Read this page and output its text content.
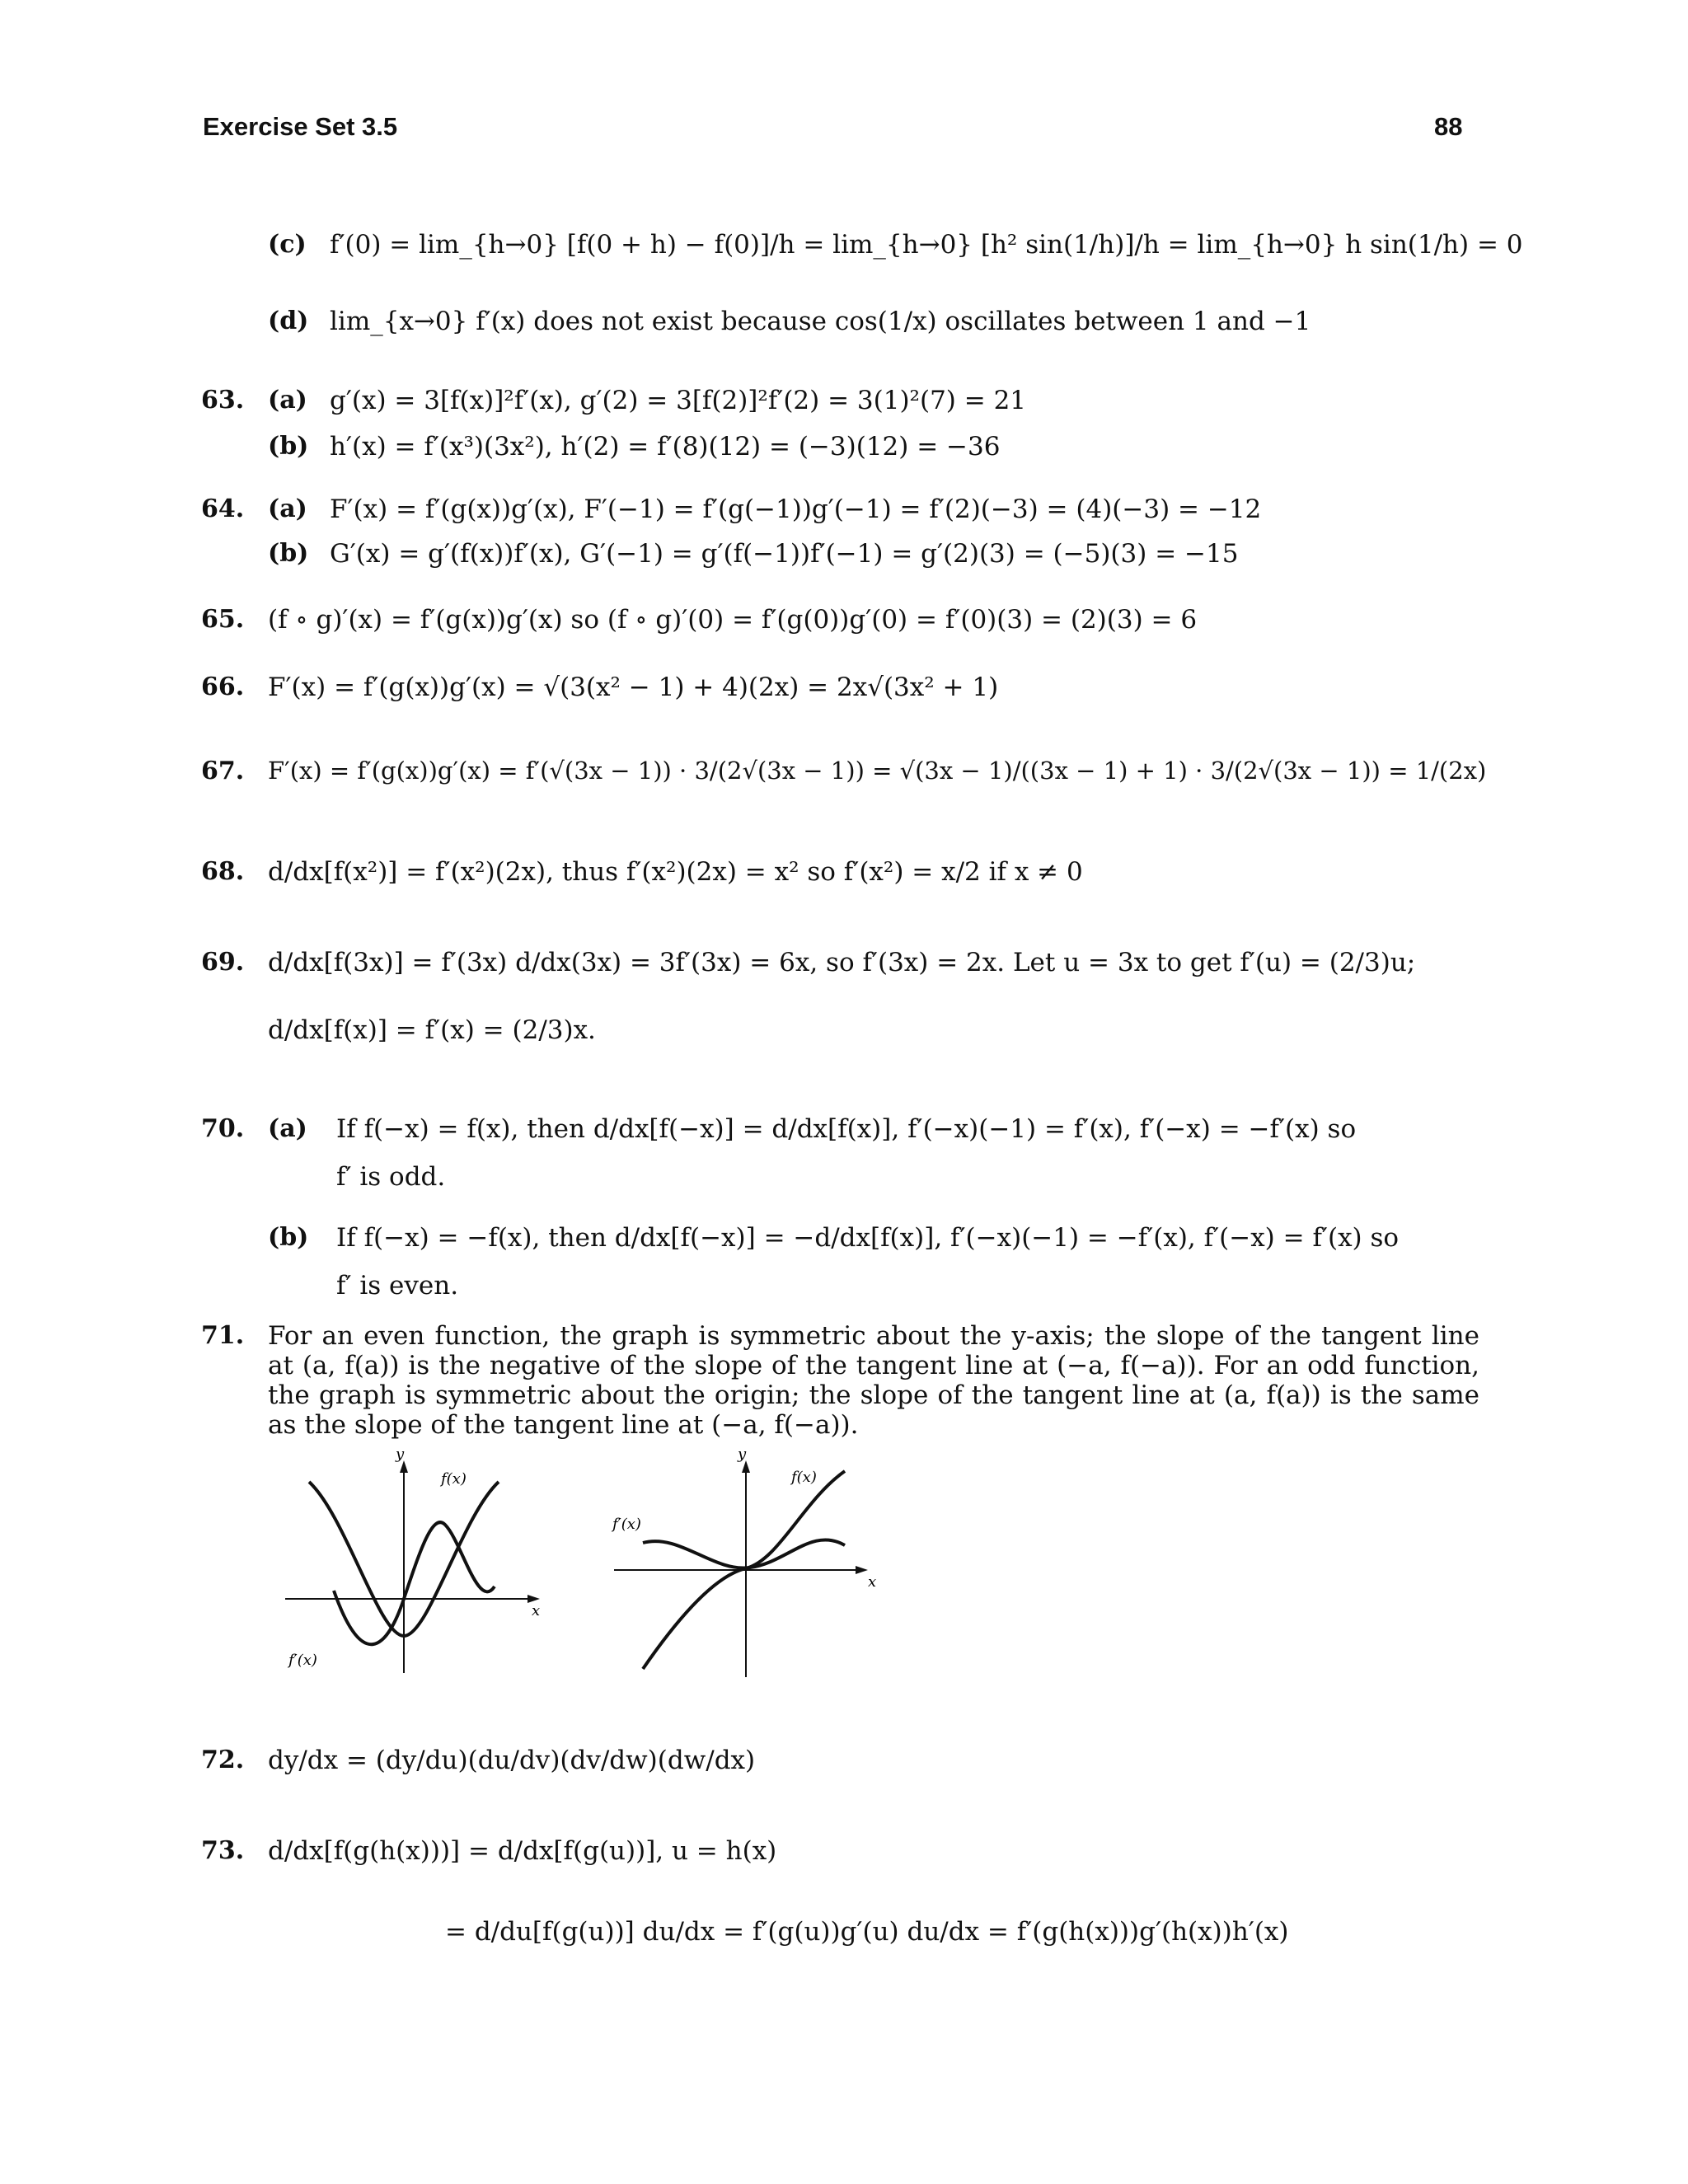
Exercise Set 3.5	88
(c) f′(0) = lim_{h→0} [f(0 + h) − f(0)]/h = lim_{h→0} [h² sin(1/h)]/h = lim_{h→0} h sin(1/h) = 0
(d) lim_{x→0} f′(x) does not exist because cos(1/x) oscillates between 1 and −1
63. (a) g′(x) = 3[f(x)]²f′(x), g′(2) = 3[f(2)]²f′(2) = 3(1)²(7) = 21
(b) h′(x) = f′(x³)(3x²), h′(2) = f′(8)(12) = (−3)(12) = −36
64. (a) F′(x) = f′(g(x))g′(x), F′(−1) = f′(g(−1))g′(−1) = f′(2)(−3) = (4)(−3) = −12
(b) G′(x) = g′(f(x))f′(x), G′(−1) = g′(f(−1))f′(−1) = g′(2)(3) = (−5)(3) = −15
65. (f ∘ g)′(x) = f′(g(x))g′(x) so (f ∘ g)′(0) = f′(g(0))g′(0) = f′(0)(3) = (2)(3) = 6
66. F′(x) = f′(g(x))g′(x) = √(3(x² − 1) + 4)(2x) = 2x√(3x² + 1)
67. F′(x) = f′(g(x))g′(x) = f′(√(3x − 1)) · 3/(2√(3x − 1)) = √(3x − 1)/((3x − 1) + 1) · 3/(2√(3x − 1)) = 1/(2x)
68. d/dx[f(x²)] = f′(x²)(2x), thus f′(x²)(2x) = x² so f′(x²) = x/2 if x ≠ 0
69. d/dx[f(3x)] = f′(3x) d/dx(3x) = 3f′(3x) = 6x, so f′(3x) = 2x. Let u = 3x to get f′(u) = (2/3)u;
d/dx[f(x)] = f′(x) = (2/3)x.
70. (a) If f(−x) = f(x), then d/dx[f(−x)] = d/dx[f(x)], f′(−x)(−1) = f′(x), f′(−x) = −f′(x) so
f′ is odd.
(b) If f(−x) = −f(x), then d/dx[f(−x)] = −d/dx[f(x)], f′(−x)(−1) = −f′(x), f′(−x) = f′(x) so
f′ is even.
71. For an even function, the graph is symmetric about the y-axis; the slope of the tangent line at (a, f(a)) is the negative of the slope of the tangent line at (−a, f(−a)). For an odd function, the graph is symmetric about the origin; the slope of the tangent line at (a, f(a)) is the same as the slope of the tangent line at (−a, f(−a)).
y
x
f(x)
f′(x)
y
x
f(x)
f′(x)
72. dy/dx = (dy/du)(du/dv)(dv/dw)(dw/dx)
73. d/dx[f(g(h(x)))] = d/dx[f(g(u))], u = h(x)
= d/du[f(g(u))] du/dx = f′(g(u))g′(u) du/dx = f′(g(h(x)))g′(h(x))h′(x)
